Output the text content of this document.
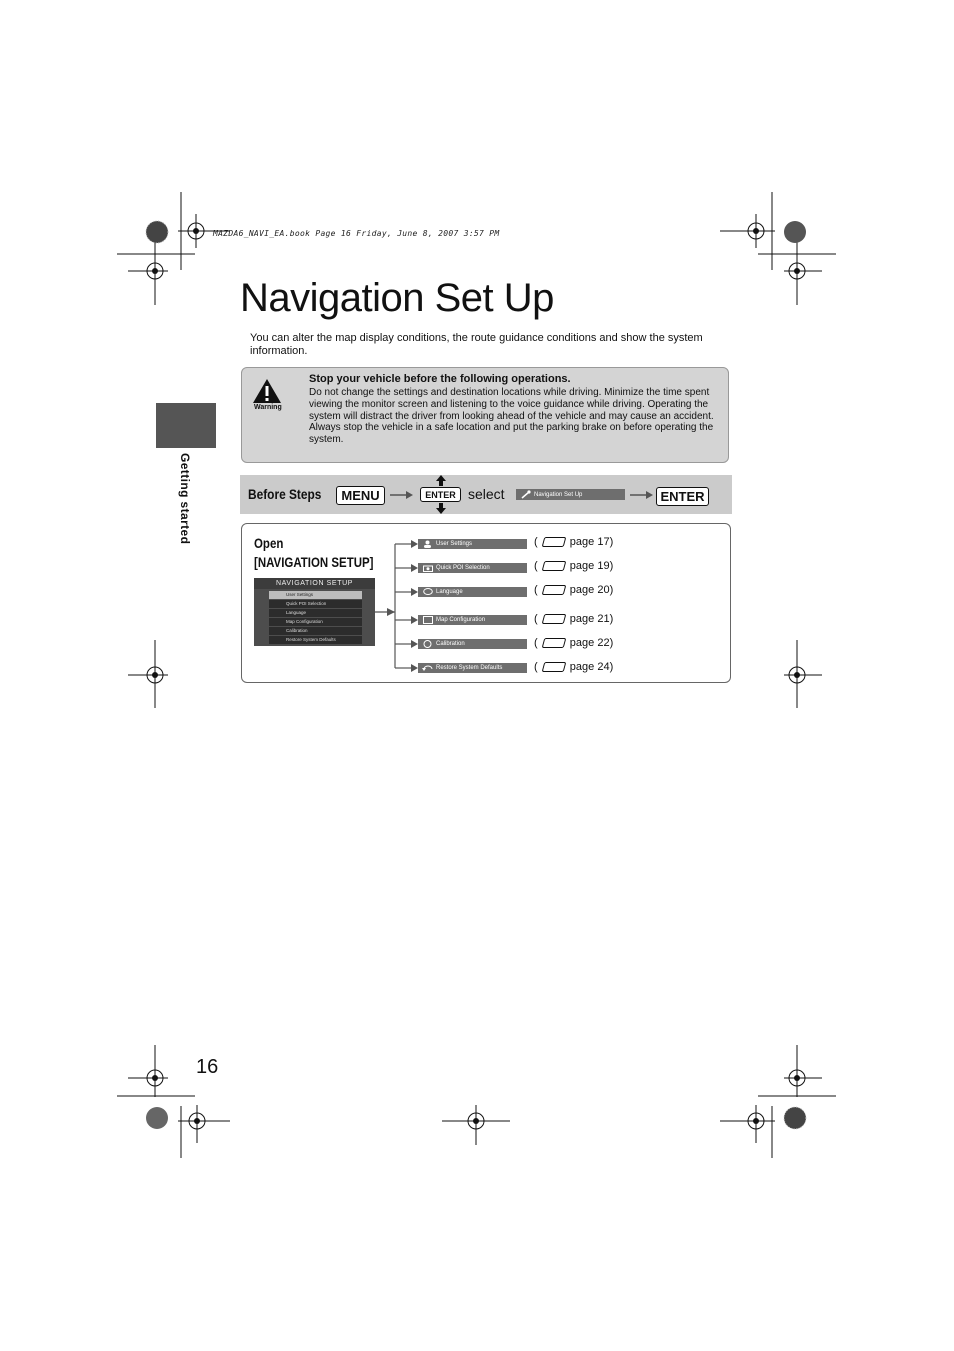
MAZDA6_NAVI_EA.book Page 16 Friday, June 8, 2007 3:57 PM
Navigation Set Up

You can alter the map display conditions, the route guidance conditions and show the system information.

Getting started
Warning
Stop your vehicle before the following operations.
Do not change the settings and destination locations while driving. Minimize the time spent viewing the monitor screen and listening to the voice guidance while driving. Operating the system will distract the driver from looking ahead of the vehicle and may cause an accident.
Always stop the vehicle in a safe location and put the parking brake on before operating the system.
Before Steps	MENU	ENTER select	Navigation Set Up	ENTER
Open
[NAVIGATION SETUP]
NAVIGATION SETUP
User Settings
Quick POI Selection
Language
Map Configuration
Calibration
Restore System Defaults
User Settings	(	page 17)
Quick POI Selection	(	page 19)
Language	(	page 20)
Map Configuration	(	page 21)
Calibration	(	page 22)
Restore System Defaults	(	page 24)
16
